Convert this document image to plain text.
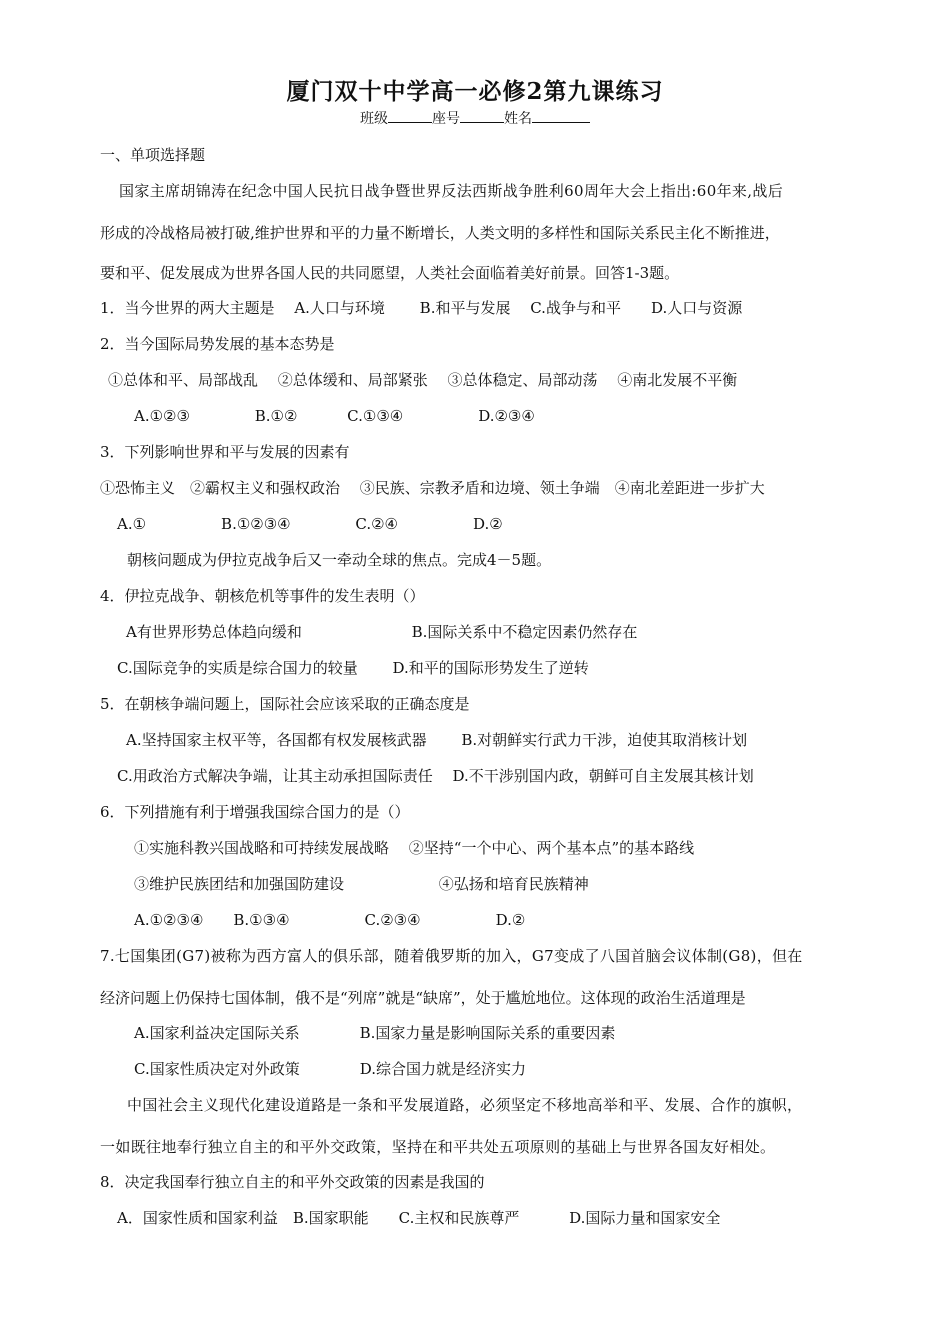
厦门双十中学高一必修2第九课练习
班级	座号	姓名
一、单项选择题
国家主席胡锦涛在纪念中国人民抗日战争暨世界反法西斯战争胜利60周年大会上指出:60年来,战后
形成的冷战格局被打破,维护世界和平的力量不断增长，人类文明的多样性和国际关系民主化不断推进，
要和平、促发展成为世界各国人民的共同愿望，人类社会面临着美好前景。回答1-3题。
1．当今世界的两大主题是　 A.人口与环境　　 B.和平与发展　 C.战争与和平　　D.人口与资源
2．当今国际局势发展的基本态势是
①总体和平、局部战乱　 ②总体缓和、局部紧张　 ③总体稳定、局部动荡　 ④南北发展不平衡
A.①②③　　　　 B.①②　　　 C.①③④　　　　　D.②③④
3．下列影响世界和平与发展的因素有
①恐怖主义　②霸权主义和强权政治　 ③民族、宗教矛盾和边境、领土争端　④南北差距进一步扩大
A.①　　　　　B.①②③④　　　　 C.②④　　　　　D.②
朝核问题成为伊拉克战争后又一牵动全球的焦点。完成4－5题。
4．伊拉克战争、朝核危机等事件的发生表明（）
A有世界形势总体趋向缓和　　　　　　　 B.国际关系中不稳定因素仍然存在
C.国际竞争的实质是综合国力的较量　　 D.和平的国际形势发生了逆转
5．在朝核争端问题上，国际社会应该采取的正确态度是
A.坚持国家主权平等，各国都有权发展核武器　　 B.对朝鲜实行武力干涉，迫使其取消核计划
C.用政治方式解决争端，让其主动承担国际责任　 D.不干涉别国内政，朝鲜可自主发展其核计划
6．下列措施有利于增强我国综合国力的是（）
①实施科教兴国战略和可持续发展战略　 ②坚持“一个中心、两个基本点”的基本路线
③维护民族团结和加强国防建设　　　　　　 ④弘扬和培育民族精神
A.①②③④　　B.①③④　　　　　C.②③④　　　　　D.②
7.七国集团(G7)被称为西方富人的俱乐部，随着俄罗斯的加入，G7变成了八国首脑会议体制(G8)，但在
经济问题上仍保持七国体制，俄不是“列席”就是“缺席”，处于尴尬地位。这体现的政治生活道理是
A.国家利益决定国际关系　　　　B.国家力量是影响国际关系的重要因素
C.国家性质决定对外政策　　　　D.综合国力就是经济实力
中国社会主义现代化建设道路是一条和平发展道路，必须坚定不移地高举和平、发展、合作的旗帜，
一如既往地奉行独立自主的和平外交政策，坚持在和平共处五项原则的基础上与世界各国友好相处。
8．决定我国奉行独立自主的和平外交政策的因素是我国的
A．国家性质和国家利益　B.国家职能　　C.主权和民族尊严　　　 D.国际力量和国家安全
